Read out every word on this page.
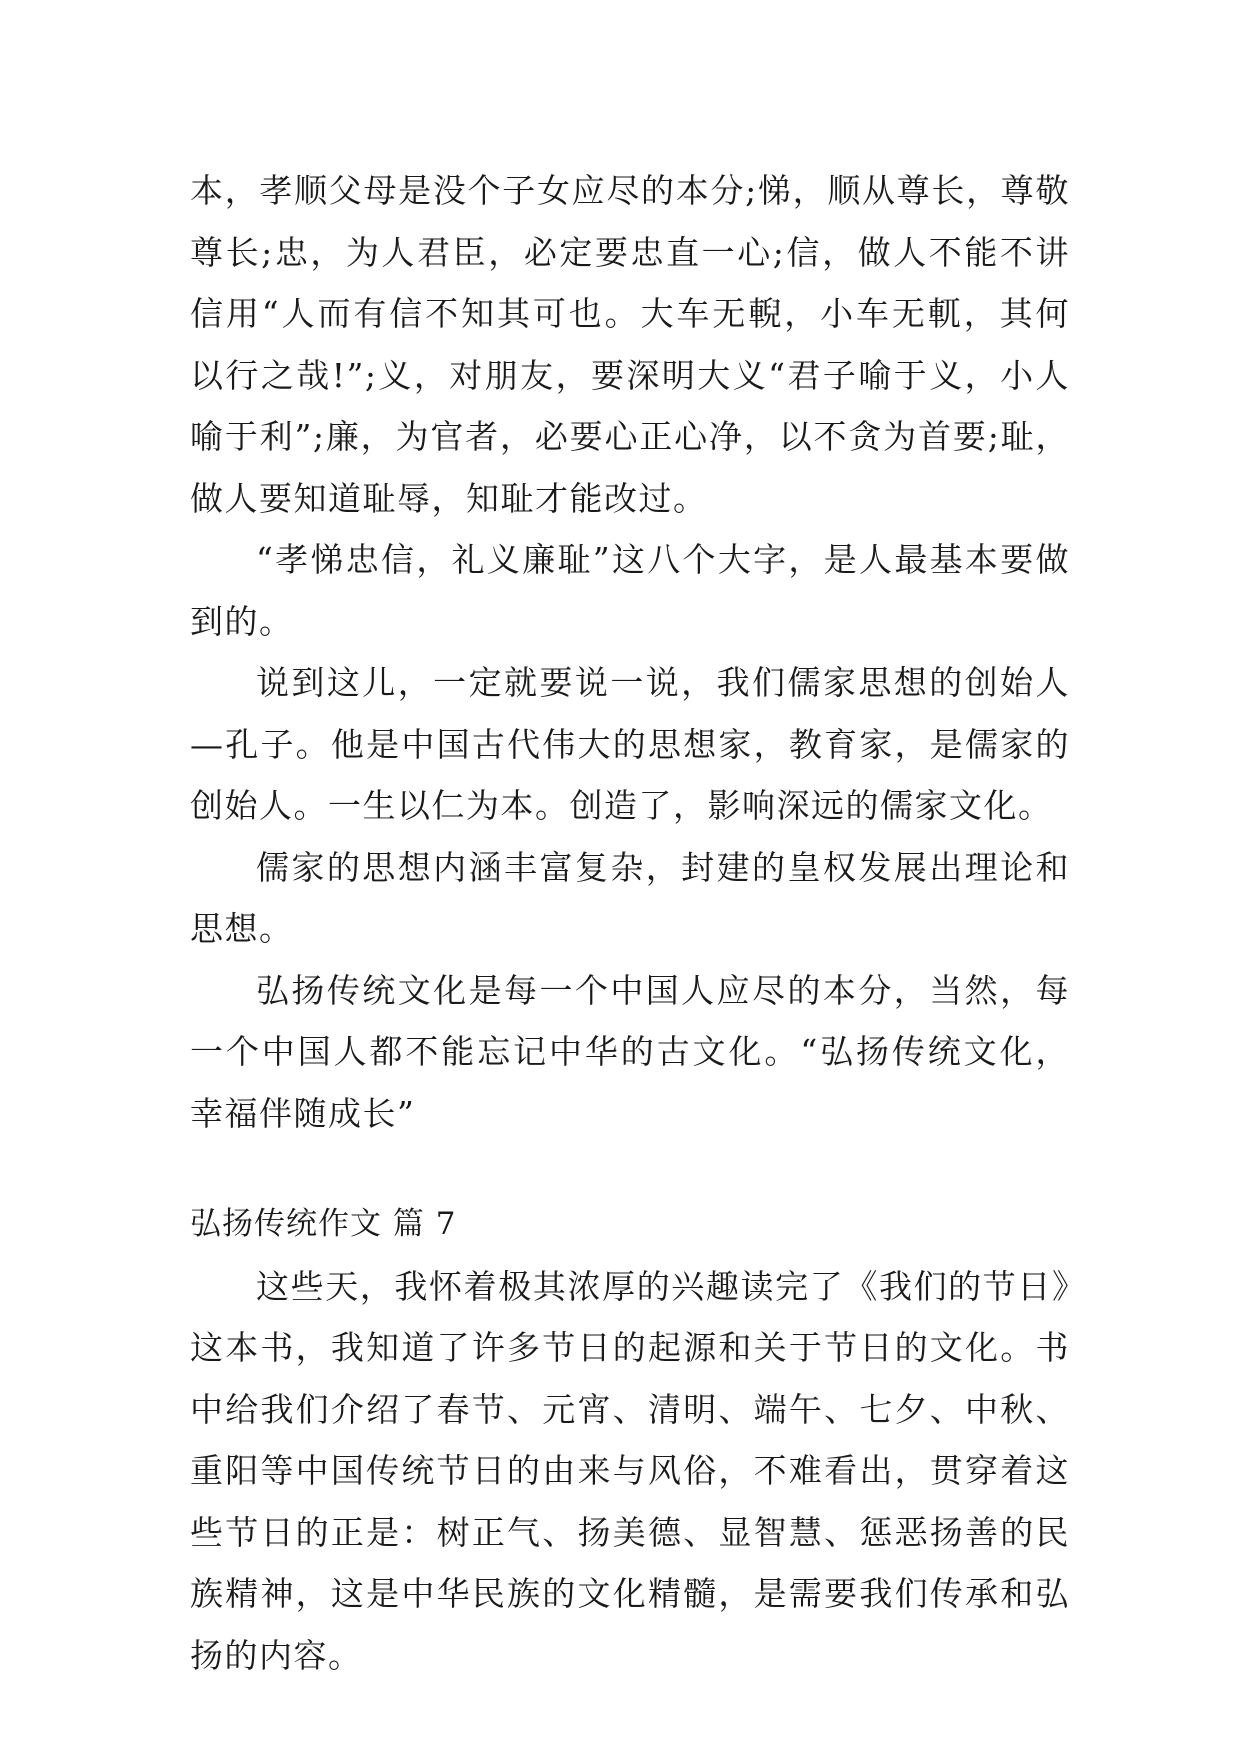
本，孝顺父母是没个子女应尽的本分;悌，顺从尊长，尊敬尊长;忠，为人君臣，必定要忠直一心;信，做人不能不讲信用“人而有信不知其可也。大车无輗，小车无軏，其何以行之哉!”;义，对朋友，要深明大义“君子喻于义，小人喻于利”;廉，为官者，必要心正心净，以不贪为首要;耻，做人要知道耻辱，知耻才能改过。

“孝悌忠信，礼义廉耻”这八个大字，是人最基本要做到的。

说到这儿，一定就要说一说，我们儒家思想的创始人—孔子。他是中国古代伟大的思想家，教育家，是儒家的创始人。一生以仁为本。创造了，影响深远的儒家文化。

儒家的思想内涵丰富复杂，封建的皇权发展出理论和思想。

弘扬传统文化是每一个中国人应尽的本分，当然，每一个中国人都不能忘记中华的古文化。“弘扬传统文化，幸福伴随成长”

弘扬传统作文 篇 7

这些天，我怀着极其浓厚的兴趣读完了《我们的节日》这本书，我知道了许多节日的起源和关于节日的文化。书中给我们介绍了春节、元宵、清明、端午、七夕、中秋、重阳等中国传统节日的由来与风俗，不难看出，贯穿着这些节日的正是：树正气、扬美德、显智慧、惩恶扬善的民族精神，这是中华民族的文化精髓，是需要我们传承和弘扬的内容。
